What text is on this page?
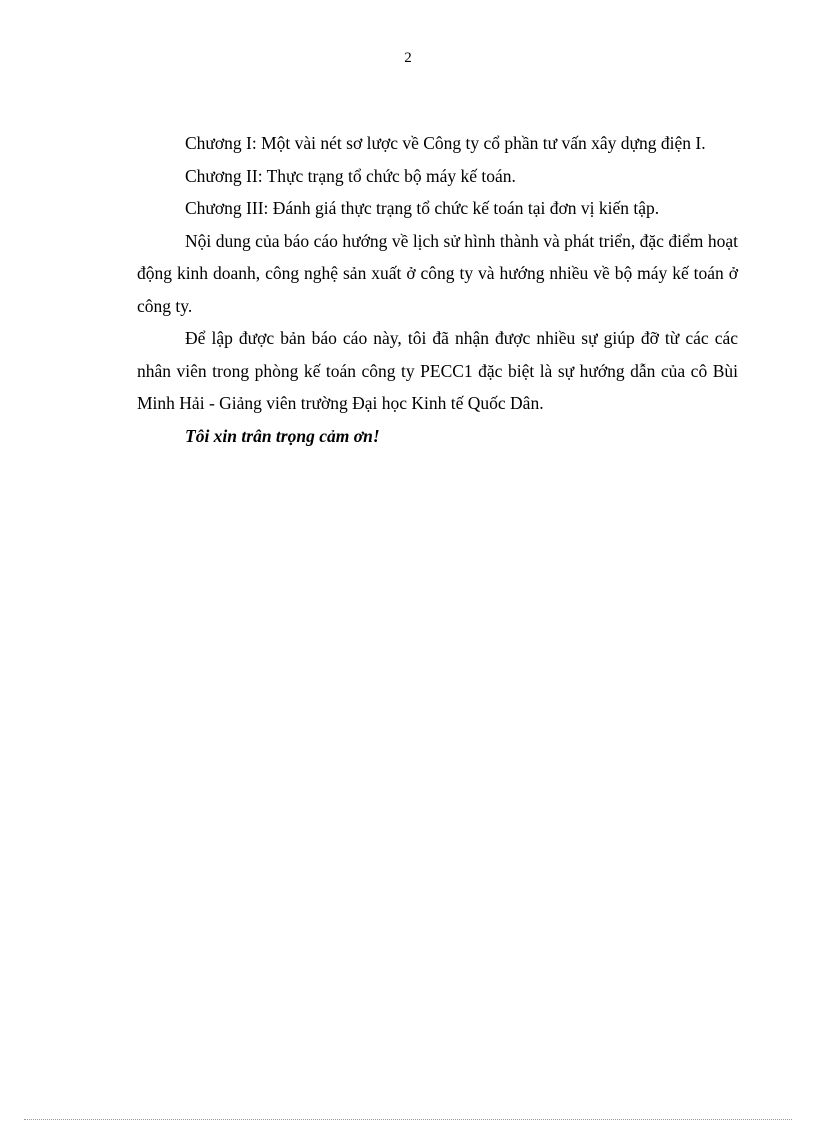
2

Chương I: Một vài nét sơ lược về Công ty cổ phần tư vấn xây dựng điện I.

Chương II: Thực trạng tổ chức bộ máy kế toán.

Chương III: Đánh giá thực trạng tổ chức kế toán tại đơn vị kiến tập.

Nội dung của báo cáo hướng về lịch sử hình thành và phát triển, đặc điểm hoạt động kinh doanh, công nghệ sản xuất ở công ty và hướng nhiều về bộ máy kế toán ở công ty.

Để lập được bản báo cáo này, tôi đã nhận được nhiều sự giúp đỡ từ các các nhân viên trong phòng kế toán công ty PECC1 đặc biệt là sự hướng dẫn của cô Bùi Minh Hải - Giảng viên trường Đại học Kinh tế Quốc Dân.

Tôi xin trân trọng cảm ơn!
